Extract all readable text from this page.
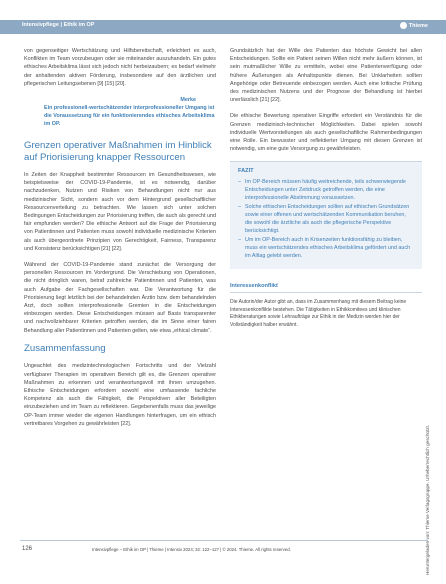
Intensivpflege | Ethik im OP	Thieme

von gegenseitiger Wertschätzung und Hilfsbereitschaft, erleichtert es auch, Konflikten im Team vorzubeugen oder sie miteinander auszuhandeln. Ein gutes ethisches Arbeitsklima lässt sich jedoch nicht herbeizaubern; es bedarf vielmehr der anhaltenden aktiven Förderung, insbesondere auf den ärztlichen und pflegerischen Leitungsebenen [9] [15] [20].

Merke
Ein professionell-wertschätzender interprofessioneller Umgang ist die Voraussetzung für ein funktionierendes ethisches Arbeitsklima im OP.
Grenzen operativer Maßnahmen im Hinblick auf Priorisierung knapper Ressourcen

In Zeiten der Knappheit bestimmter Ressourcen im Gesundheitswesen, wie beispielsweise der COVID-19-Pandemie, ist es notwendig, darüber nachzudenken, Nutzen und Risiken von Behandlungen nicht nur aus medizinischer Sicht, sondern auch vor dem Hintergrund gesellschaftlicher Ressourcenverteilung zu betrachten. Wie lassen sich unter solchen Bedingungen Entscheidungen zur Priorisierung treffen, die auch als gerecht und fair empfunden werden? Die ethische Antwort auf die Frage der Priorisierung von Patientinnen und Patienten muss sowohl individuelle medizinische Kriterien als auch übergeordnete Prinzipien von Gerechtigkeit, Fairness, Transparenz und Konsistenz berücksichtigen [21] [22].

Während der COVID-19-Pandemie stand zunächst die Versorgung der personellen Ressourcen im Vordergrund. Die Verschiebung von Operationen, die nicht dringlich waren, betraf zahlreiche Patientinnen und Patienten, was auch Aufgabe der Fachgesellschaften war. Die Verantwortung für die Priorisierung liegt letztlich bei der behandelnden Ärztin bzw. dem behandelnden Arzt, doch sollten interprofessionelle Gremien in die Entscheidungen einbezogen werden. Diese Entscheidungen müssen auf Basis transparenter und nachvollziehbarer Kriterien getroffen werden, die im Sinne einer fairen Behandlung aller Patientinnen und Patienten gelten, wie etwa „ethical climate“.

Zusammenfassung

Ungeachtet des medizintechnologischen Fortschritts und der Vielzahl verfügbarer Therapien im operativen Bereich gilt es, die Grenzen operativer Maßnahmen zu erkennen und verantwortungsvoll mit ihnen umzugehen. Ethische Entscheidungen erfordern sowohl eine umfassende fachliche Kompetenz als auch die Fähigkeit, die Perspektiven aller Beteiligten einzubeziehen und im Team zu reflektieren. Gegebenenfalls muss das jeweilige OP-Team immer wieder die eigenen Handlungen hinterfragen, um ein ethisch vertretbares Vorgehen zu gewährleisten [22].

Grundsätzlich hat der Wille des Patienten das höchste Gewicht bei allen Entscheidungen. Sollte ein Patient seinen Willen nicht mehr äußern können, ist sein mutmaßlicher Wille zu ermitteln, wobei eine Patientenverfügung oder frühere Äußerungen als Anhaltspunkte dienen. Bei Unklarheiten sollten Angehörige oder Betreuende einbezogen werden. Auch eine kritische Prüfung des medizinischen Nutzens und der Prognose der Behandlung ist hierbei unerlässlich [21] [22].

Die ethische Bewertung operativer Eingriffe erfordert ein Verständnis für die Grenzen medizinisch-technischer Möglichkeiten. Dabei spielen sowohl individuelle Wertvorstellungen als auch gesellschaftliche Rahmenbedingungen eine Rolle. Ein bewusster und reflektierter Umgang mit diesen Grenzen ist notwendig, um eine gute Versorgung zu gewährleisten.

FAZIT
– Im OP-Bereich müssen häufig weitreichende, teils schwerwiegende Entscheidungen unter Zeitdruck getroffen werden, die eine interprofessionelle Abstimmung voraussetzen.
– Solche ethischen Entscheidungen sollten auf ethischen Grundsätzen sowie einer offenen und wertschätzenden Kommunikation beruhen, die sowohl die ärztliche als auch die pflegerische Perspektive berücksichtigt.
– Um im OP-Bereich auch in Krisenzeiten funktionsfähig zu bleiben, muss ein wertschätzendes ethisches Arbeitsklima gefördert und auch im Alltag gelebt werden.
Interessenkonflikt
Die Autorin/der Autor gibt an, dass im Zusammenhang mit diesem Beitrag keine Interessenkonflikte bestehen. Die Tätigkeiten in Ethikkomitees und klinischen Ethikberatungen sowie Lehraufträge zur Ethik in der Medizin werden hier der Vollständigkeit halber erwähnt.
Heruntergeladen von: Thieme Verlagsgruppe. Urheberrechtlich geschützt.
126	Intensivpflege – Ethik im OP | Thieme | Intensiv 2024; 32: 122–127 | © 2024. Thieme. All rights reserved.
